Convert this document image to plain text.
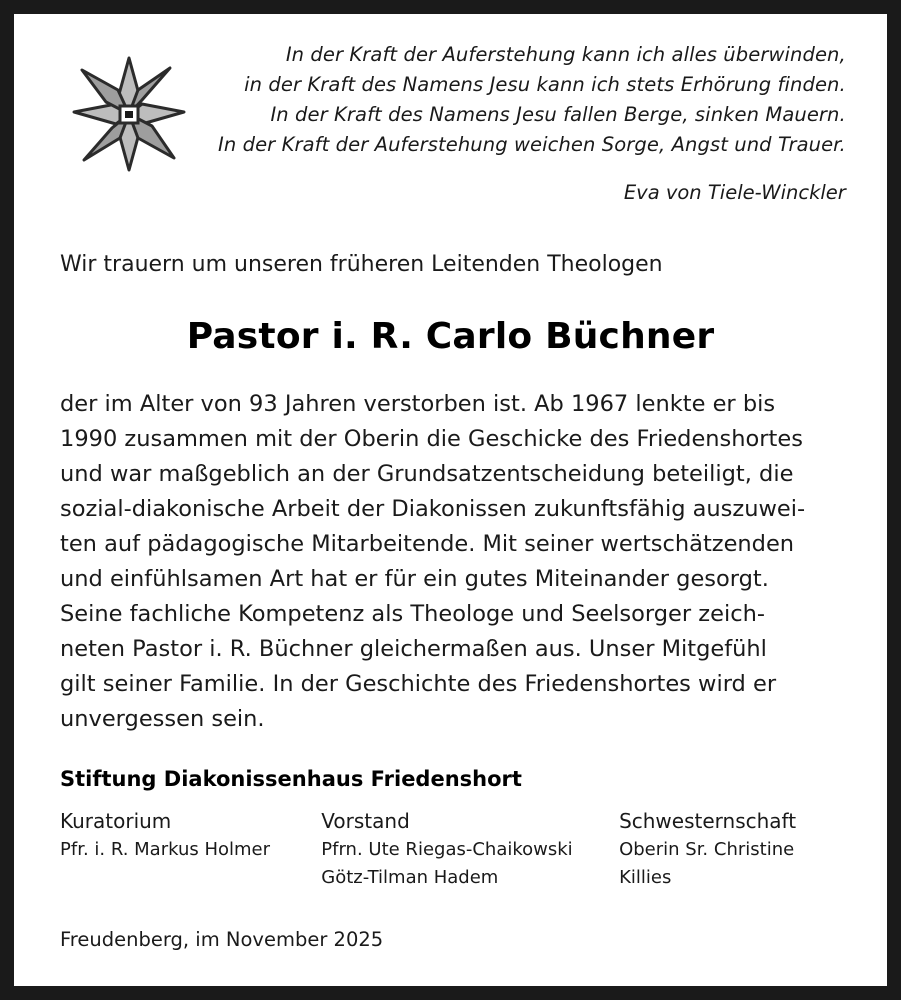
In der Kraft der Auferstehung kann ich alles überwinden,
in der Kraft des Namens Jesu kann ich stets Erhörung finden.
In der Kraft des Namens Jesu fallen Berge, sinken Mauern.
In der Kraft der Auferstehung weichen Sorge, Angst und Trauer.
Eva von Tiele-Winckler
Wir trauern um unseren früheren Leitenden Theologen
Pastor i. R. Carlo Büchner
der im Alter von 93 Jahren verstorben ist. Ab 1967 lenkte er bis
1990 zusammen mit der Oberin die Geschicke des Friedenshortes
und war maßgeblich an der Grundsatzentscheidung beteiligt, die
sozial-diakonische Arbeit der Diakonissen zukunftsfähig auszuwei-
ten auf pädagogische Mitarbeitende. Mit seiner wertschätzenden
und einfühlsamen Art hat er für ein gutes Miteinander gesorgt.
Seine fachliche Kompetenz als Theologe und Seelsorger zeich-
neten Pastor i. R. Büchner gleichermaßen aus. Unser Mitgefühl
gilt seiner Familie. In der Geschichte des Friedenshortes wird er
unvergessen sein.
Stiftung Diakonissenhaus Friedenshort
Kuratorium
Pfr. i. R. Markus Holmer
Vorstand
Pfrn. Ute Riegas-Chaikowski
Götz-Tilman Hadem
Schwesternschaft
Oberin Sr. Christine Killies
Freudenberg, im November 2025
